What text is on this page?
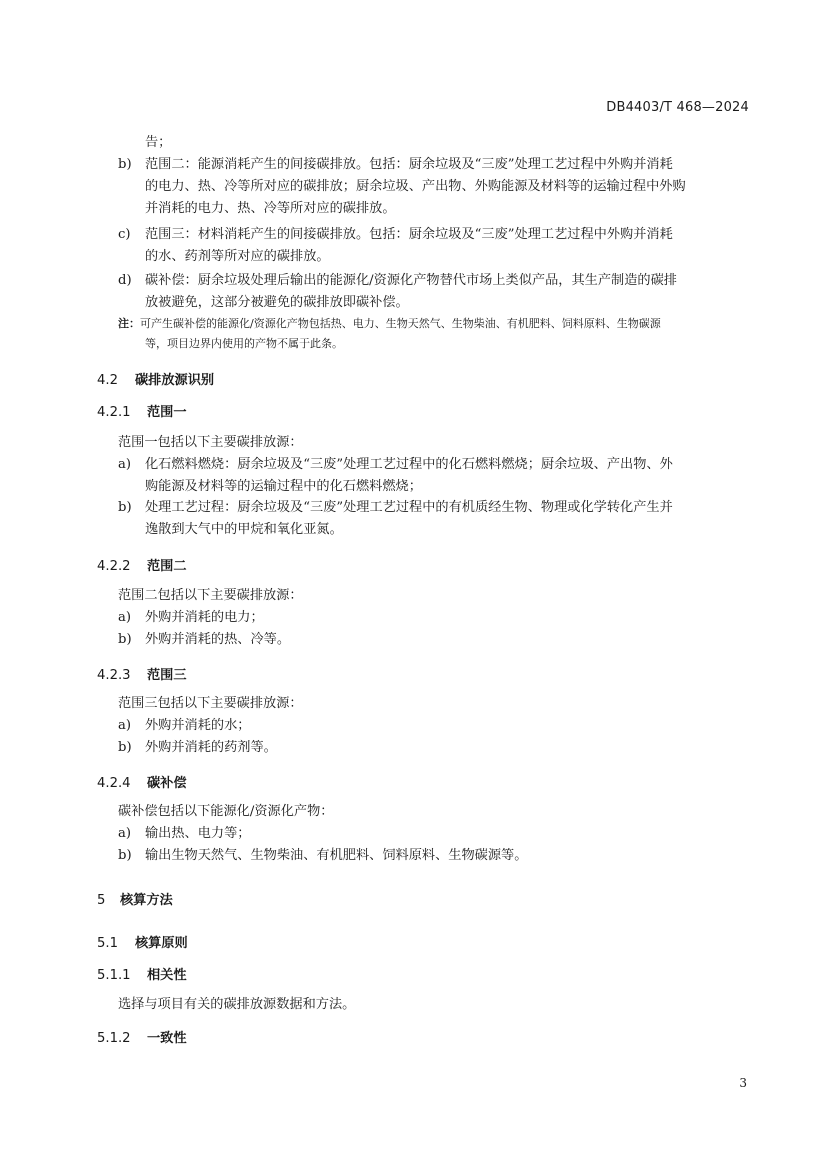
DB4403/T 468—2024
告；
b) 范围二：能源消耗产生的间接碳排放。包括：厨余垃圾及“三废”处理工艺过程中外购并消耗
的电力、热、冷等所对应的碳排放；厨余垃圾、产出物、外购能源及材料等的运输过程中外购
并消耗的电力、热、冷等所对应的碳排放。
c) 范围三：材料消耗产生的间接碳排放。包括：厨余垃圾及“三废”处理工艺过程中外购并消耗
的水、药剂等所对应的碳排放。
d) 碳补偿：厨余垃圾处理后输出的能源化/资源化产物替代市场上类似产品，其生产制造的碳排
放被避免，这部分被避免的碳排放即碳补偿。
注：可产生碳补偿的能源化/资源化产物包括热、电力、生物天然气、生物柴油、有机肥料、饲料原料、生物碳源
等，项目边界内使用的产物不属于此条。
4.2 碳排放源识别
4.2.1 范围一
范围一包括以下主要碳排放源：
a) 化石燃料燃烧：厨余垃圾及“三废”处理工艺过程中的化石燃料燃烧；厨余垃圾、产出物、外
购能源及材料等的运输过程中的化石燃料燃烧；
b) 处理工艺过程：厨余垃圾及“三废”处理工艺过程中的有机质经生物、物理或化学转化产生并
逸散到大气中的甲烷和氧化亚氮。
4.2.2 范围二
范围二包括以下主要碳排放源：
a) 外购并消耗的电力；
b) 外购并消耗的热、冷等。
4.2.3 范围三
范围三包括以下主要碳排放源：
a) 外购并消耗的水；
b) 外购并消耗的药剂等。
4.2.4 碳补偿
碳补偿包括以下能源化/资源化产物：
a) 输出热、电力等；
b) 输出生物天然气、生物柴油、有机肥料、饲料原料、生物碳源等。
5 核算方法
5.1 核算原则
5.1.1 相关性
选择与项目有关的碳排放源数据和方法。
5.1.2 一致性
3
